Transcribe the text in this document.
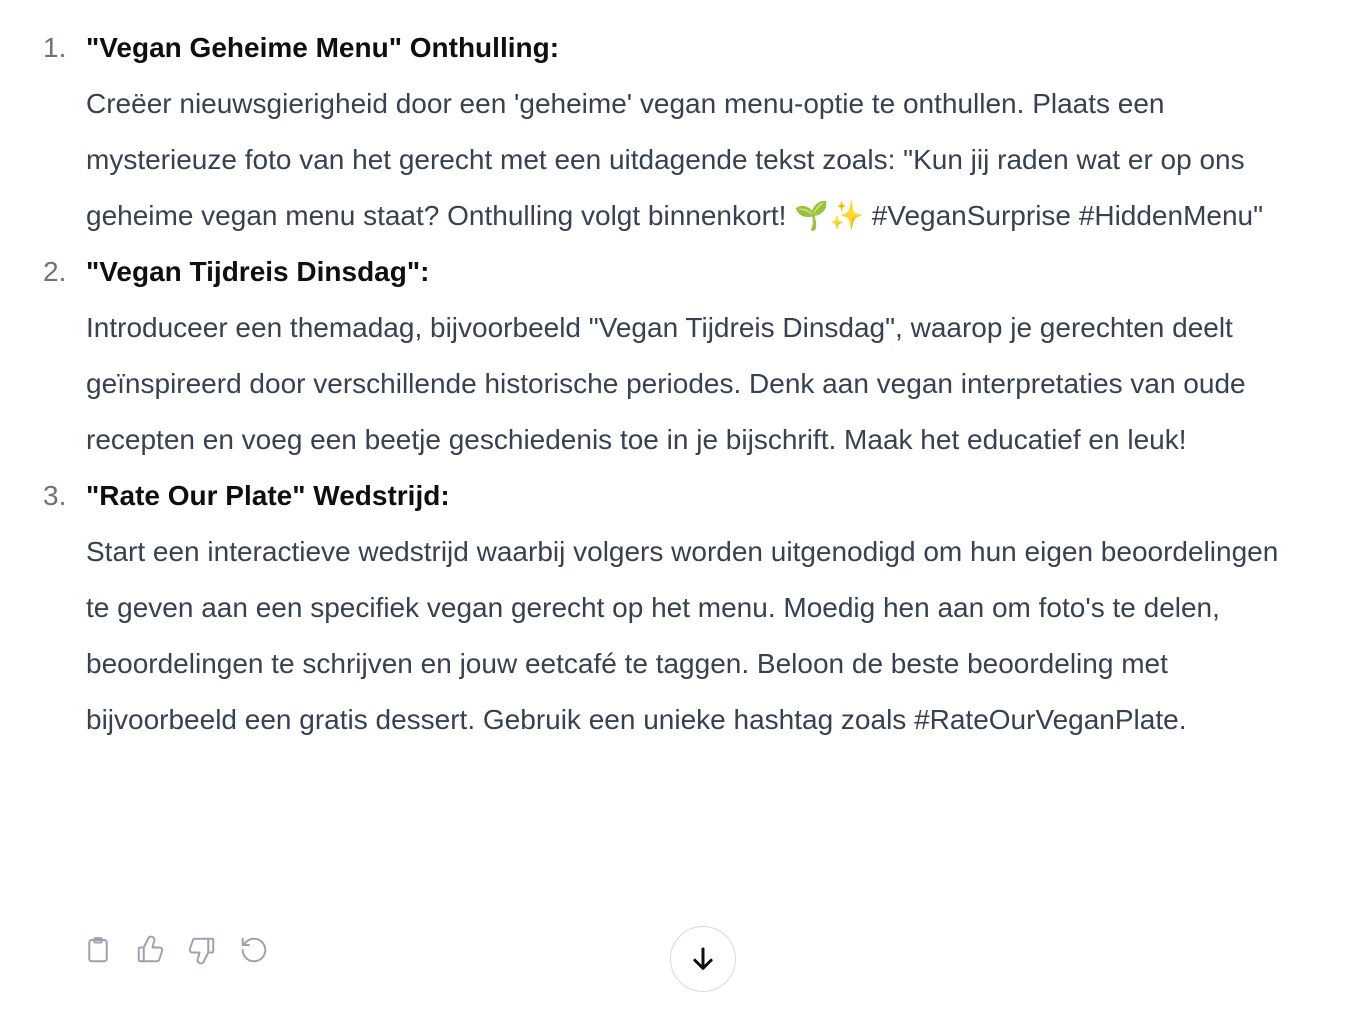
1. "Vegan Geheime Menu" Onthulling:
Creëer nieuwsgierigheid door een 'geheime' vegan menu-optie te onthullen. Plaats een mysterieuze foto van het gerecht met een uitdagende tekst zoals: "Kun jij raden wat er op ons geheime vegan menu staat? Onthulling volgt binnenkort! 🌱✨ #VeganSurprise #HiddenMenu"
2. "Vegan Tijdreis Dinsdag":
Introduceer een themadag, bijvoorbeeld "Vegan Tijdreis Dinsdag", waarop je gerechten deelt geïnspireerd door verschillende historische periodes. Denk aan vegan interpretaties van oude recepten en voeg een beetje geschiedenis toe in je bijschrift. Maak het educatief en leuk!
3. "Rate Our Plate" Wedstrijd:
Start een interactieve wedstrijd waarbij volgers worden uitgenodigd om hun eigen beoordelingen te geven aan een specifiek vegan gerecht op het menu. Moedig hen aan om foto's te delen, beoordelingen te schrijven en jouw eetcafé te taggen. Beloon de beste beoordeling met bijvoorbeeld een gratis dessert. Gebruik een unieke hashtag zoals #RateOurVeganPlate.
